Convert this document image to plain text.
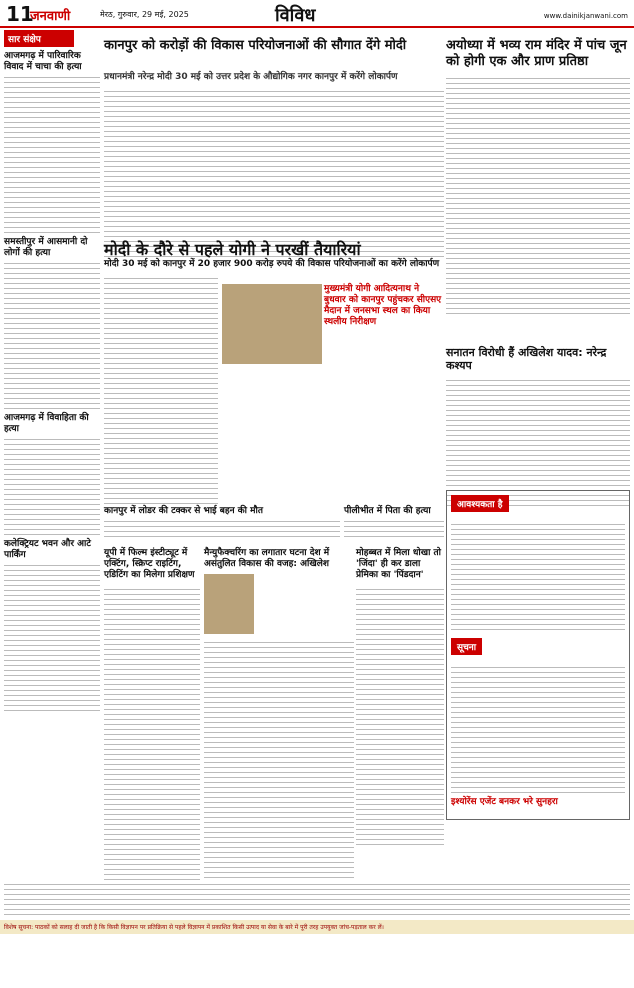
11
जनवाणी	मेरठ, गुरुवार, 29 मई, 2025	विविध	www.dainikjanwani.com
सार संक्षेप
आजमगढ़ में पारिवारिक विवाद में चाचा की हत्या
समस्तीपुर में आसमानी दो लोगों की हत्या
आजमगढ़ में विवाहिता की हत्या
कलेक्ट्रियट भवन और आटे पार्किंग
कानपुर को करोड़ों की विकास परियोजनाओं की सौगात देंगे मोदी
प्रधानमंत्री नरेन्द्र मोदी 30 मई को उत्तर प्रदेश के औद्योगिक नगर कानपुर में करेंगे लोकार्पण
अयोध्या में भव्य राम मंदिर में पांच जून को होगी एक और प्राण प्रतिष्ठा
मोदी के दौरे से पहले योगी ने परखीं तैयारियां
मोदी 30 मई को कानपुर में 20 हजार 900 करोड़ रुपये की विकास परियोजनाओं का करेंगे लोकार्पण
मुख्यमंत्री योगी आदित्यनाथ ने बुधवार को कानपुर पहुंचकर सीएसए मैदान में जनसभा स्थल का किया स्थलीय निरीक्षण
सनातन विरोधी हैं अखिलेश यादव: नरेन्द्र कश्यप
कानपुर में लोडर की टक्कर से भाई बहन की मौत	पीलीभीत में पिता की हत्या
यूपी में फिल्म इंस्टीट्यूट में एक्टिंग, स्क्रिप्ट राइटिंग, एडिटिंग का मिलेगा प्रशिक्षण
मैन्युफैक्चरिंग का लगातार घटना देश में असंतुलित विकास की वजह: अखिलेश
मोहब्बत में मिला धोखा तो 'जिंदा' ही कर डाला प्रेमिका का 'पिंडदान'
आवश्यकता है
सूचना
इश्योरेंस एजेंट बनकर भरे सुनहरा
विशेष सूचना: पाठकों को सलाह दी जाती है कि किसी विज्ञापन पर प्रतिक्रिया से पहले विज्ञापन में प्रकाशित किसी उत्पाद या सेवा के बारे में पूरी तरह उपयुक्त जांच-पड़ताल कर लें।
